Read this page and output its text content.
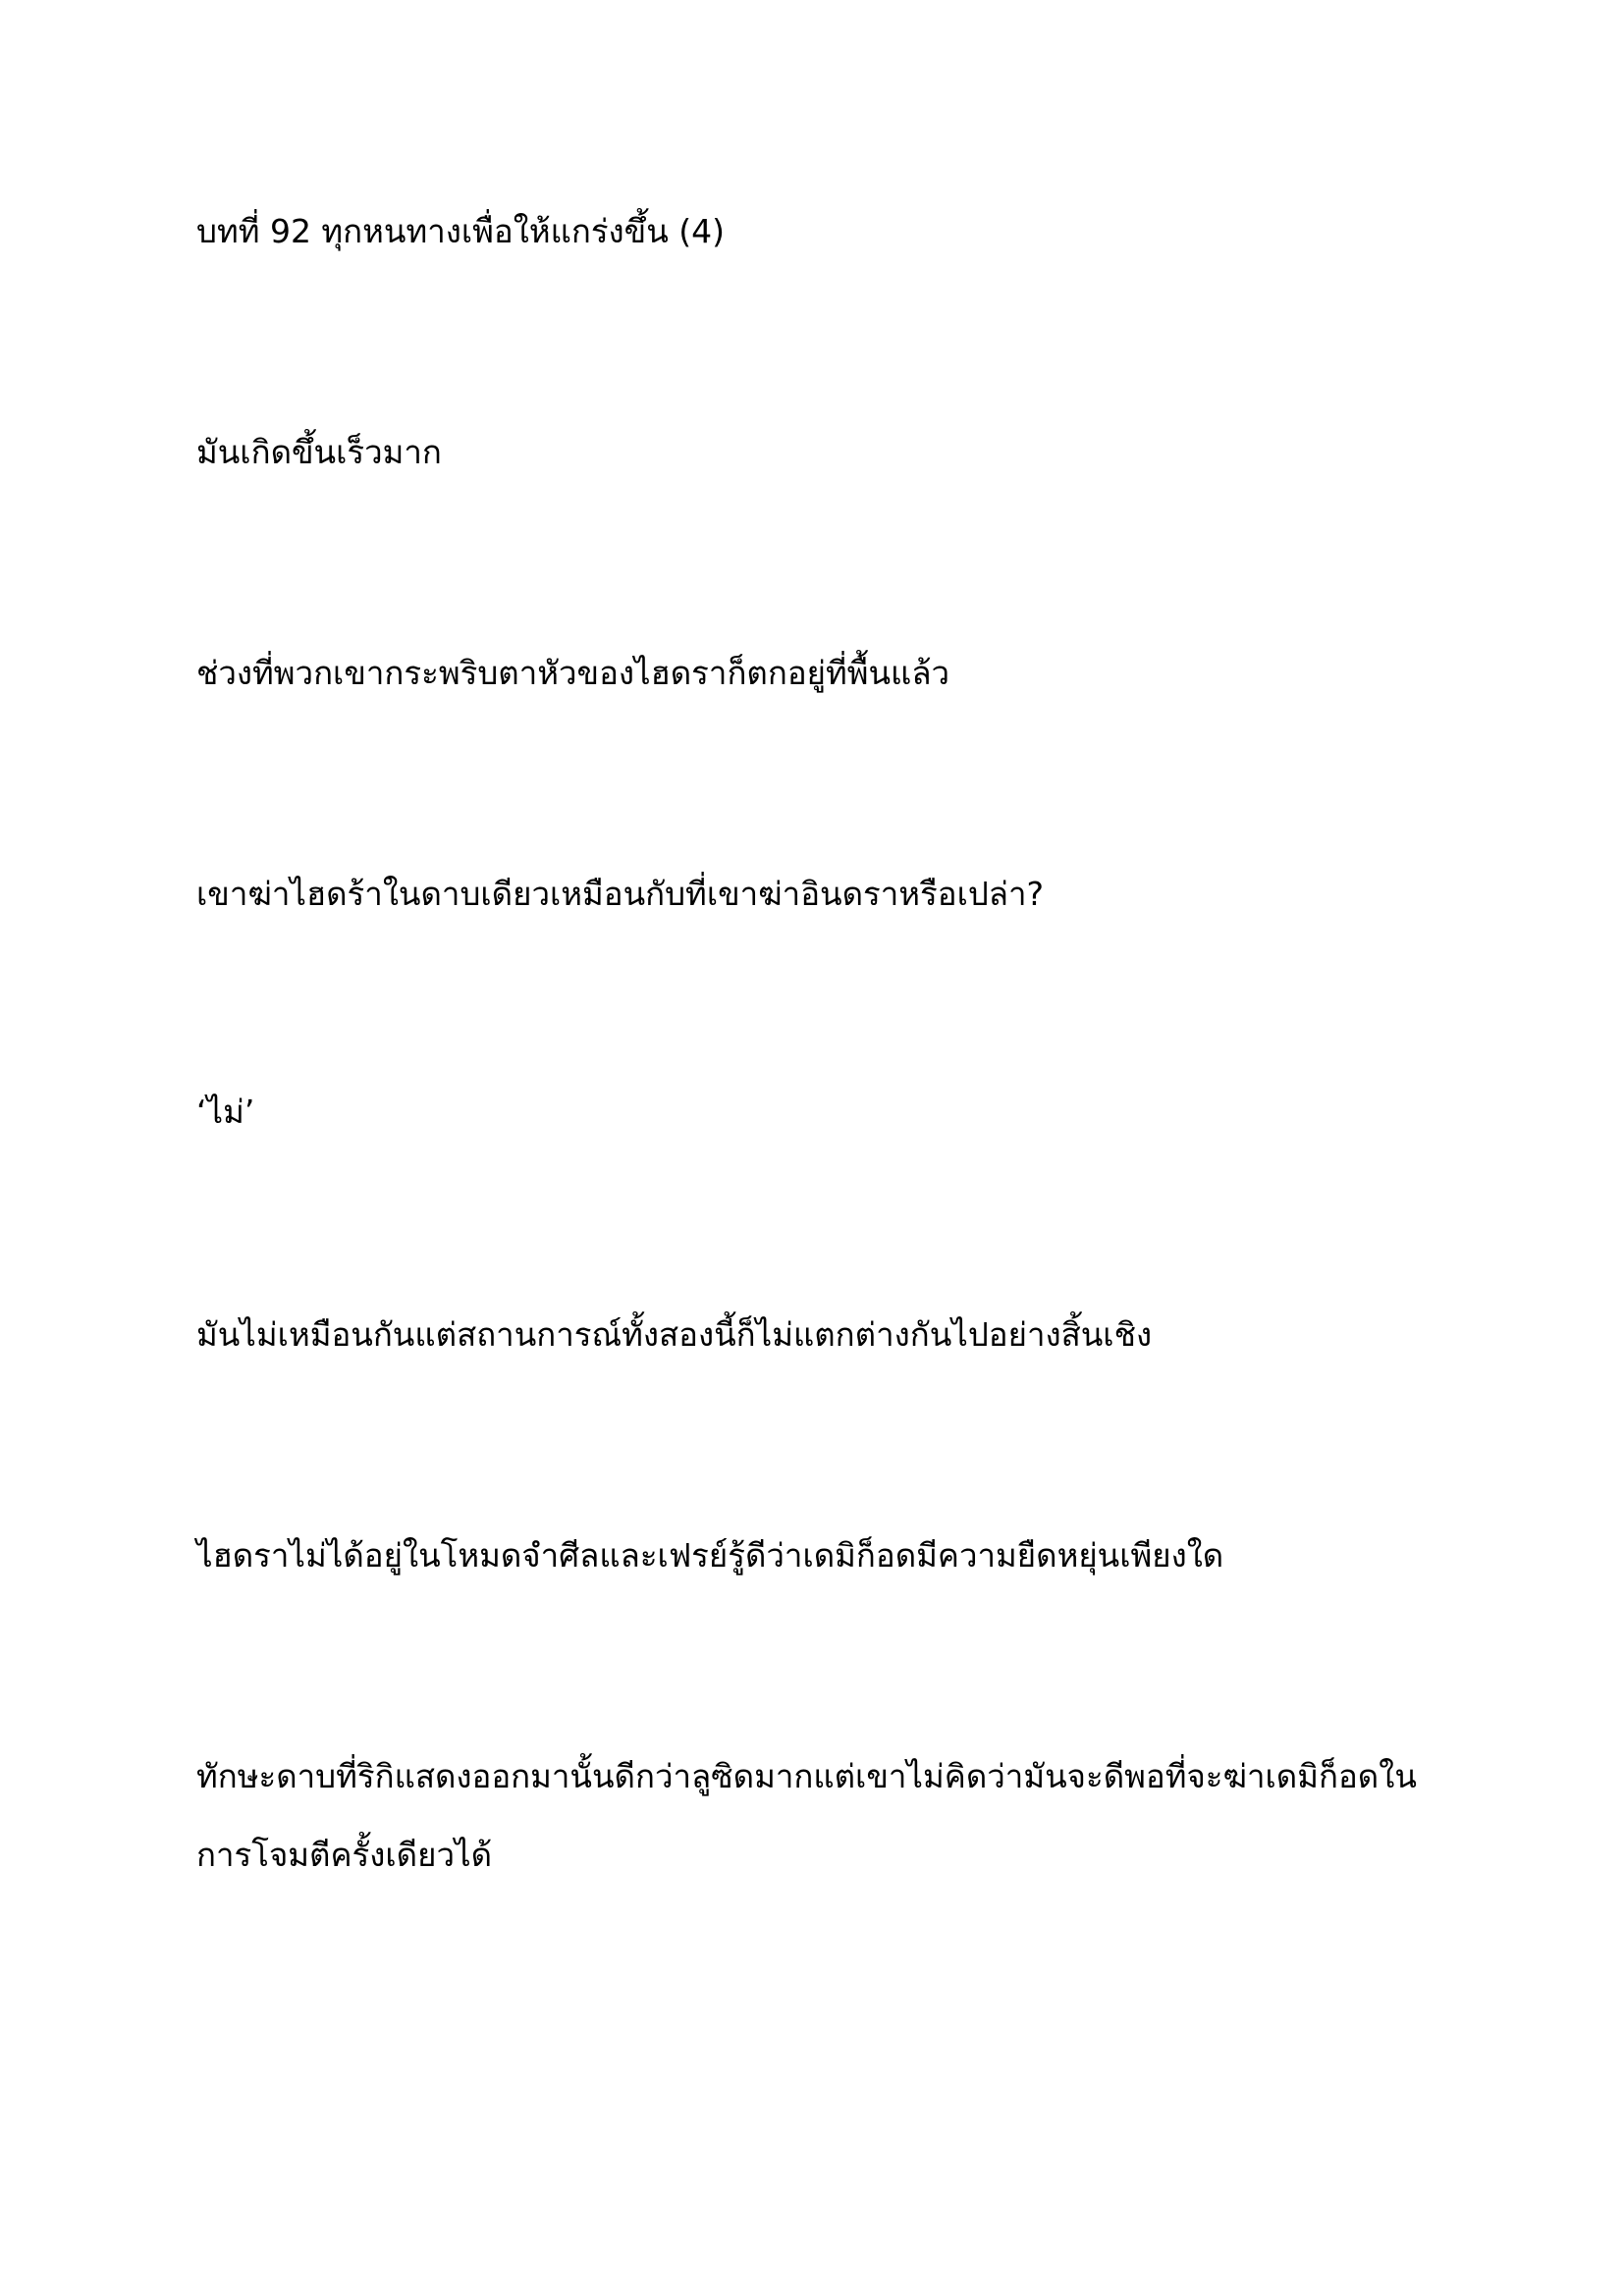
บทที่ 92 ทุกหนทางเพื่อให้แกร่งขึ้น (4)

มันเกิดขึ้นเร็วมาก

ช่วงที่พวกเขากระพริบตาหัวของไฮดราก็ตกอยู่ที่พื้นแล้ว

เขาฆ่าไฮดร้าในดาบเดียวเหมือนกับที่เขาฆ่าอินดราหรือเปล่า?

‘ไม่’

มันไม่เหมือนกันแต่สถานการณ์ทั้งสองนี้ก็ไม่แตกต่างกันไปอย่างสิ้นเชิง

ไฮดราไม่ได้อยู่ในโหมดจำศีลและเฟรย์รู้ดีว่าเดมิก็อดมีความยืดหยุ่นเพียงใด

ทักษะดาบที่ริกิแสดงออกมานั้นดีกว่าลูซิดมากแต่เขาไม่คิดว่ามันจะดีพอที่จะฆ่าเดมิก็อดในการโจมตีครั้งเดียวได้
